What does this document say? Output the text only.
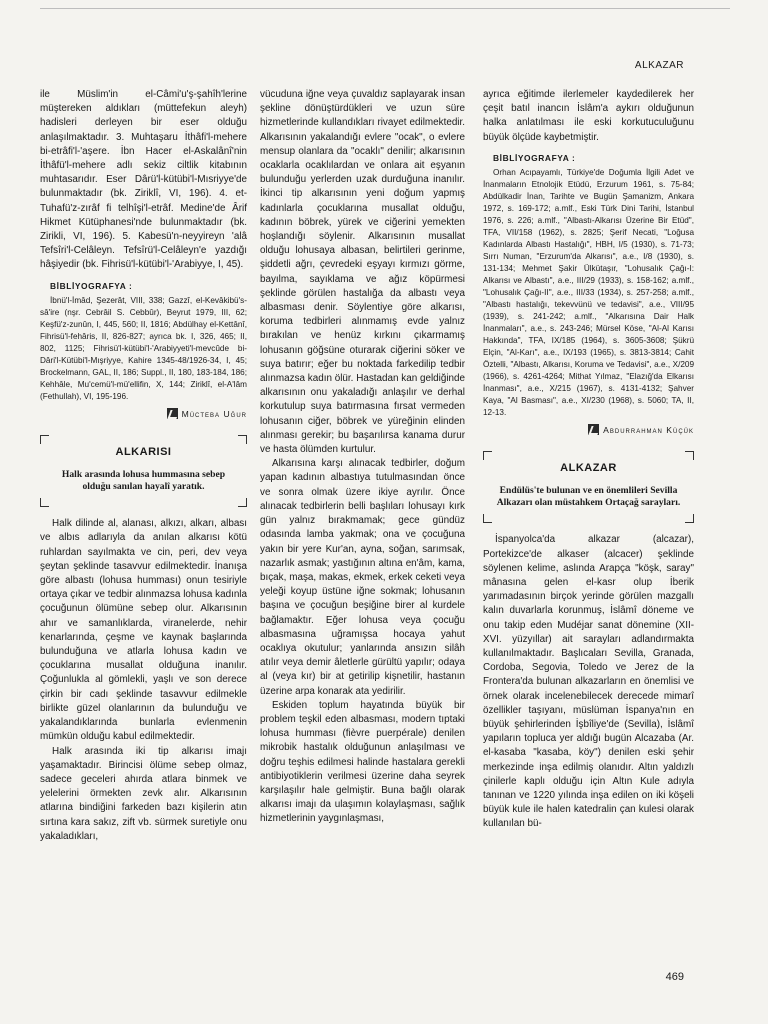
ALKAZAR

ile Müslim'in el-Câmi'u'ş-şahîh'lerine müştereken aldıkları (müttefekun aleyh) hadisleri derleyen bir eser olduğu anlaşılmaktadır. 3. Muhtaşaru İthâfi'l-mehere bi-etrâfi'l-'aşere. İbn Hacer el-Askalânî'nin İthâfü'l-mehere adlı sekiz ciltlik kitabının muhtasarıdır. Eser Dârü'l-kütübi'l-Mısriyye'de bulunmaktadır (bk. Ziriklî, VI, 196). 4. et-Tuhafü'z-zırâf fi telhîşi'l-etrâf. Medine'de Ârif Hikmet Kütüphanesi'nde bulunmaktadır (bk. Zirikli, VI, 196). 5. Kabesü'n-neyyireyn 'alâ Tefsîri'l-Celâleyn. Tefsîrü'l-Celâleyn'e yazdığı hâşiyedir (bk. Fihrisü'l-kütübi'l-'Arabiyye, I, 45).

BİBLİYOGRAFYA :
İbnü'l-İmâd, Şezerât, VIII, 338; Gazzî, el-Kevâkibü's-sâ'ire (nşr. Cebrâil S. Cebbûr), Beyrut 1979, III, 62; Keşfü'z-zunûn, I, 445, 560; II, 1816; Abdülhay el-Kettânî, Fihrisü'l-fehâris, II, 826-827; ayrıca bk. I, 326, 465; II, 802, 1125; Fihrisü'l-kütübi'l-'Arabiyyeti'l-mevcûde bi-Dâri'l-Kütübi'l-Mışriyye, Kahire 1345-48/1926-34, I, 45; Brockelmann, GAL, II, 186; Suppl., II, 180, 183-184, 186; Kehhâle, Mu'cemü'l-mü'ellifin, X, 144; Ziriklî, el-A'lâm (Fethullah), VI, 195-196.
Mücteba Uğur
ALKARISI
Halk arasında lohusa hummasına sebep olduğu sanılan hayalî yaratık.

Halk dilinde al, alanası, alkızı, alkarı, albası ve albıs adlarıyla da anılan alkarısı kötü ruhlardan sayılmakta ve cin, peri, dev veya şeytan şeklinde tasavvur edilmektedir. İnanışa göre albastı (lohusa humması) onun tesiriyle ortaya çıkar ve tedbir alınmazsa lohusa kadınla çocuğunun ölümüne sebep olur. Alkarısının ahır ve samanlıklarda, viranelerde, nehir kenarlarında, çeşme ve kaynak başlarında bulunduğuna ve atlarla lohusa kadın ve çocuklarına musallat olduğuna inanılır. Çoğunlukla al gömlekli, yaşlı ve son derece çirkin bir cadı şeklinde tasavvur edilmekle birlikte güzel olanlarının da bulunduğu ve yakalandıklarında bunlarla evlenmenin mümkün olduğu kabul edilmektedir.

Halk arasında iki tip alkarısı imajı yaşamaktadır. Birincisi ölüme sebep olmaz, sadece geceleri ahırda atlara binmek ve yelelerini örmekten zevk alır. Alkarısının atlarına bindiğini farkeden bazı kişilerin atın sırtına kara sakız, zift vb. sürmek suretiyle onu yakaladıkları,

vücuduna iğne veya çuvaldız saplayarak insan şekline dönüştürdükleri ve uzun süre hizmetlerinde kullandıkları rivayet edilmektedir. Alkarısının yakalandığı evlere "ocak", o evlere mensup olanlara da "ocaklı" denilir; alkarısının ocaklarla ocaklılardan ve onlara ait eşyanın bulunduğu yerlerden uzak durduğuna inanılır. İkinci tip alkarısının yeni doğum yapmış kadınlarla çocuklarına musallat olduğu, kadının böbrek, yürek ve ciğerini yemekten hoşlandığı söylenir. Alkarısının musallat olduğu lohusaya albasan, belirtileri gerinme, şiddetli ağrı, çevredeki eşyayı kırmızı görme, bayılma, sayıklama ve ağız köpürmesi şeklinde görülen hastalığa da albastı veya albasması denir. Söylentiye göre alkarısı, koruma tedbirleri alınmamış evde yalnız bırakılan ve henüz kırkını çıkarmamış lohusanın göğsüne oturarak ciğerini söker ve suya batırır; eğer bu noktada farkedilip tedbir alınmazsa kadın ölür. Hastadan kan geldiğinde alkarısının onu yakaladığı anlaşılır ve derhal korkutulup suya batırmasına fırsat vermeden lohusanın ciğer, böbrek ve yüreğinin elinden alınması gerekir; bu başarılırsa kanama durur ve hasta ölümden kurtulur.

Alkarısına karşı alınacak tedbirler, doğum yapan kadının albastıya tutulmasından önce ve sonra olmak üzere ikiye ayrılır. Önce alınacak tedbirlerin belli başlıları lohusayı kırk gün yalnız bırakmamak; gece gündüz odasında lamba yakmak; ona ve çocuğuna yakın bir yere Kur'an, ayna, soğan, sarımsak, nazarlık asmak; yastığının altına en'âm, kama, bıçak, maşa, makas, ekmek, erkek ceketi veya yeleği koyup üstüne iğne sokmak; lohusanın başına ve çocuğun beşiğine birer al kurdele bağlamaktır. Eğer lohusa veya çocuğu albasmasına uğramışsa hocaya yahut ocaklıya okutulur; yanlarında ansızın silâh atılır veya demir âletlerle gürültü yapılır; odaya al (veya kır) bir at getirilip kişnetilir, hastanın üzerine arpa konarak ata yedirilir.

Eskiden toplum hayatında büyük bir problem teşkil eden albasması, modern tıptaki lohusa humması (fièvre puerpérale) denilen mikrobik hastalık olduğunun anlaşılması ve doğru teşhis edilmesi halinde hastalara gerekli antibiyotiklerin verilmesi üzerine daha seyrek karşılaşılır hale gelmiştir. Buna bağlı olarak alkarısı imajı da ulaşımın kolaylaşması, sağlık hizmetlerinin yaygınlaşması,

ayrıca eğitimde ilerlemeler kaydedilerek her çeşit batıl inancın İslâm'a aykırı olduğunun halka anlatılması ile eski korkutuculuğunu büyük ölçüde kaybetmiştir.

BİBLİYOGRAFYA :
Orhan Acıpayamlı, Türkiye'de Doğumla İlgili Adet ve İnanmaların Etnolojik Etüdü, Erzurum 1961, s. 75-84; Abdülkadir İnan, Tarihte ve Bugün Şamanizm, Ankara 1972, s. 169-172; a.mlf., Eski Türk Dini Tarihi, İstanbul 1976, s. 226; a.mlf., "Albastı-Alkarısı Üzerine Bir Etüd", TFA, VII/158 (1962), s. 2825; Şerif Necati, "Loğusa Kadınlarda Albastı Hastalığı", HBH, I/5 (1930), s. 71-73; Sırrı Numan, "Erzurum'da Alkarısı", a.e., I/8 (1930), s. 131-134; Mehmet Şakir Ülkütaşır, "Lohusalık Çağı-I: Alkarısı ve Albastı", a.e., III/29 (1933), s. 158-162; a.mlf., "Lohusalık Çağı-II", a.e., III/33 (1934), s. 257-258; a.mlf., "Albastı hastalığı, tekevvünü ve tedavisi", a.e., VIII/95 (1939), s. 241-242; a.mlf., "Alkarısına Dair Halk İnanmaları", a.e., s. 243-246; Mürsel Köse, "Al-Al Karısı Hakkında", TFA, IX/185 (1964), s. 3605-3608; Şükrü Elçin, "Al-Karı", a.e., IX/193 (1965), s. 3813-3814; Cahit Öztelli, "Albastı, Alkarısı, Koruma ve Tedavisi", a.e., X/209 (1966), s. 4261-4264; Mithat Yılmaz, "Elazığ'da Elkarısı İnanması", a.e., X/215 (1967), s. 4131-4132; Şahver Kaya, "Al Basması", a.e., XI/230 (1968), s. 5060; TA, II, 12-13.
Abdurrahman Küçük
ALKAZAR
Endülüs'te bulunan ve en önemlileri Sevilla Alkazarı olan müstahkem Ortaçağ sarayları.

İspanyolca'da alkazar (alcazar), Portekizce'de alkaser (alcacer) şeklinde söylenen kelime, aslında Arapça "köşk, saray" mânasına gelen el-kasr olup İberik yarımadasının birçok yerinde görülen mazgallı kalın duvarlarla korunmuş, İslâmî döneme ve onu takip eden Mudéjar sanat dönemine (XII-XVI. yüzyıllar) ait sarayları adlandırmakta kullanılmaktadır. Başlıcaları Sevilla, Granada, Cordoba, Segovia, Toledo ve Jerez de la Frontera'da bulunan alkazarların en önemlisi ve örnek olarak incelenebilecek derecede mimarî özellikler taşıyanı, müslüman İspanya'nın en büyük şehirlerinden İşbîliye'de (Sevilla), İslâmî yapıların topluca yer aldığı bugün Alcazaba (Ar. el-kasaba "kasaba, köy") denilen eski şehir merkezinde inşa edilmiş olanıdır. Altın yaldızlı çinilerle kaplı olduğu için Altın Kule adıyla tanınan ve 1220 yılında inşa edilen on iki köşeli büyük kule ile halen katedralin çan kulesi olarak kullanılan bü-

469
